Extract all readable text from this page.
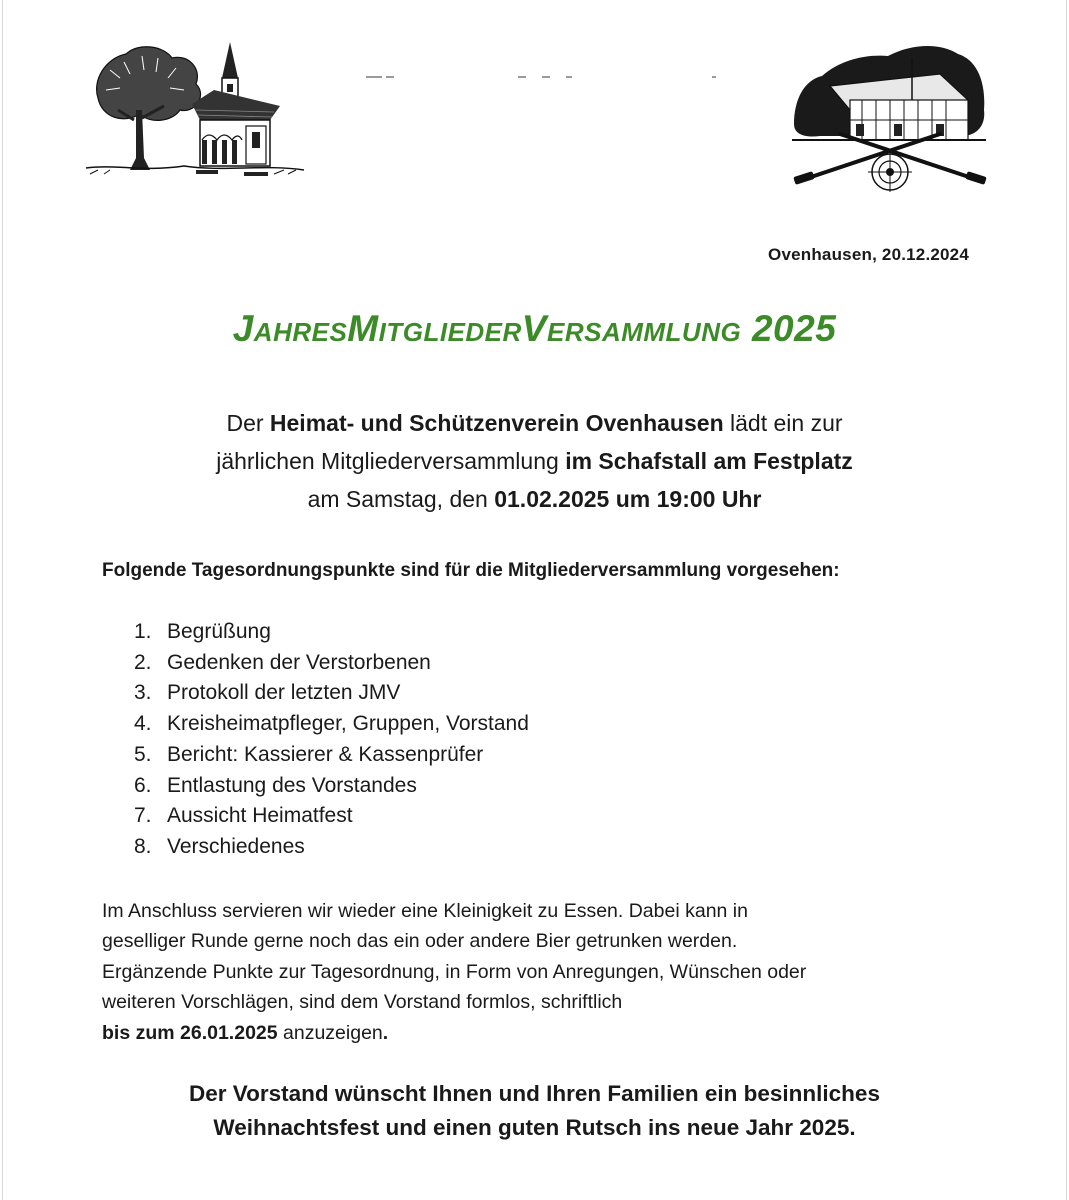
Ovenhausen, 20.12.2024
JahresMitgliederVersammlung 2025
Der Heimat- und Schützenverein Ovenhausen lädt ein zur
jährlichen Mitgliederversammlung im Schafstall am Festplatz
am Samstag, den 01.02.2025 um 19:00 Uhr
Folgende Tagesordnungspunkte sind für die Mitgliederversammlung vorgesehen:
1. Begrüßung
2. Gedenken der Verstorbenen
3. Protokoll der letzten JMV
4. Kreisheimatpfleger, Gruppen, Vorstand
5. Bericht: Kassierer & Kassenprüfer
6. Entlastung des Vorstandes
7. Aussicht Heimatfest
8. Verschiedenes

Im Anschluss servieren wir wieder eine Kleinigkeit zu Essen. Dabei kann in

geselliger Runde gerne noch das ein oder andere Bier getrunken werden.

Ergänzende Punkte zur Tagesordnung, in Form von Anregungen, Wünschen oder

weiteren Vorschlägen, sind dem Vorstand formlos, schriftlich

bis zum 26.01.2025 anzuzeigen.

Der Vorstand wünscht Ihnen und Ihren Familien ein besinnliches

Weihnachtsfest und einen guten Rutsch ins neue Jahr 2025.
